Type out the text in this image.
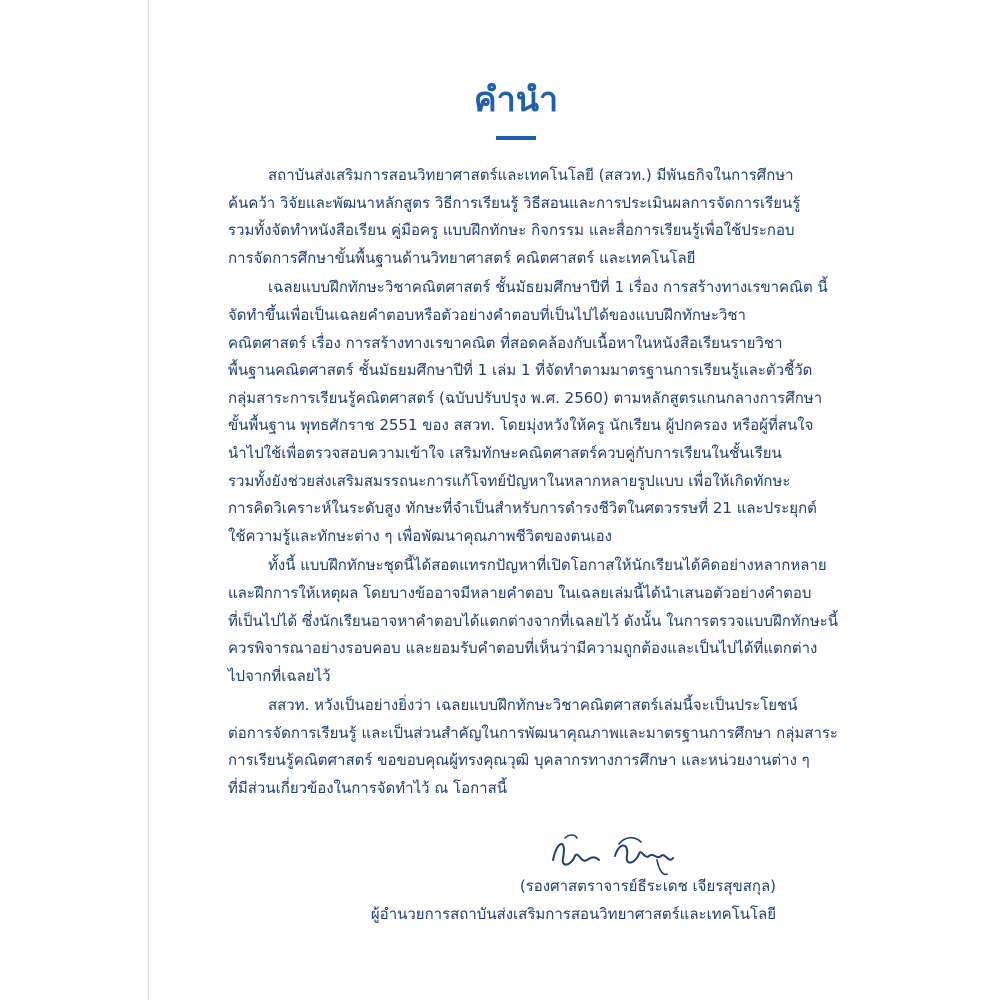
คำนำ

สถาบันส่งเสริมการสอนวิทยาศาสตร์และเทคโนโลยี (สสวท.) มีพันธกิจในการศึกษา
ค้นคว้า วิจัยและพัฒนาหลักสูตร วิธีการเรียนรู้ วิธีสอนและการประเมินผลการจัดการเรียนรู้
รวมทั้งจัดทำหนังสือเรียน คู่มือครู แบบฝึกทักษะ กิจกรรม และสื่อการเรียนรู้เพื่อใช้ประกอบ
การจัดการศึกษาขั้นพื้นฐานด้านวิทยาศาสตร์ คณิตศาสตร์ และเทคโนโลยี

เฉลยแบบฝึกทักษะวิชาคณิตศาสตร์ ชั้นมัธยมศึกษาปีที่ 1 เรื่อง การสร้างทางเรขาคณิต นี้
จัดทำขึ้นเพื่อเป็นเฉลยคำตอบหรือตัวอย่างคำตอบที่เป็นไปได้ของแบบฝึกทักษะวิชา
คณิตศาสตร์ เรื่อง การสร้างทางเรขาคณิต ที่สอดคล้องกับเนื้อหาในหนังสือเรียนรายวิชา
พื้นฐานคณิตศาสตร์ ชั้นมัธยมศึกษาปีที่ 1 เล่ม 1 ที่จัดทำตามมาตรฐานการเรียนรู้และตัวชี้วัด
กลุ่มสาระการเรียนรู้คณิตศาสตร์ (ฉบับปรับปรุง พ.ศ. 2560) ตามหลักสูตรแกนกลางการศึกษา
ขั้นพื้นฐาน พุทธศักราช 2551 ของ สสวท. โดยมุ่งหวังให้ครู นักเรียน ผู้ปกครอง หรือผู้ที่สนใจ
นำไปใช้เพื่อตรวจสอบความเข้าใจ เสริมทักษะคณิตศาสตร์ควบคู่กับการเรียนในชั้นเรียน
รวมทั้งยังช่วยส่งเสริมสมรรถนะการแก้โจทย์ปัญหาในหลากหลายรูปแบบ เพื่อให้เกิดทักษะ
การคิดวิเคราะห์ในระดับสูง ทักษะที่จำเป็นสำหรับการดำรงชีวิตในศตวรรษที่ 21 และประยุกต์
ใช้ความรู้และทักษะต่าง ๆ เพื่อพัฒนาคุณภาพชีวิตของตนเอง

ทั้งนี้ แบบฝึกทักษะชุดนี้ได้สอดแทรกปัญหาที่เปิดโอกาสให้นักเรียนได้คิดอย่างหลากหลาย
และฝึกการให้เหตุผล โดยบางข้ออาจมีหลายคำตอบ ในเฉลยเล่มนี้ได้นำเสนอตัวอย่างคำตอบ
ที่เป็นไปได้ ซึ่งนักเรียนอาจหาคำตอบได้แตกต่างจากที่เฉลยไว้ ดังนั้น ในการตรวจแบบฝึกทักษะนี้
ควรพิจารณาอย่างรอบคอบ และยอมรับคำตอบที่เห็นว่ามีความถูกต้องและเป็นไปได้ที่แตกต่าง
ไปจากที่เฉลยไว้

สสวท. หวังเป็นอย่างยิ่งว่า เฉลยแบบฝึกทักษะวิชาคณิตศาสตร์เล่มนี้จะเป็นประโยชน์
ต่อการจัดการเรียนรู้ และเป็นส่วนสำคัญในการพัฒนาคุณภาพและมาตรฐานการศึกษา กลุ่มสาระ
การเรียนรู้คณิตศาสตร์ ขอขอบคุณผู้ทรงคุณวุฒิ บุคลากรทางการศึกษา และหน่วยงานต่าง ๆ
ที่มีส่วนเกี่ยวข้องในการจัดทำไว้ ณ โอกาสนี้

(รองศาสตราจารย์ธีระเดช เจียรสุขสกุล)
ผู้อำนวยการสถาบันส่งเสริมการสอนวิทยาศาสตร์และเทคโนโลยี
